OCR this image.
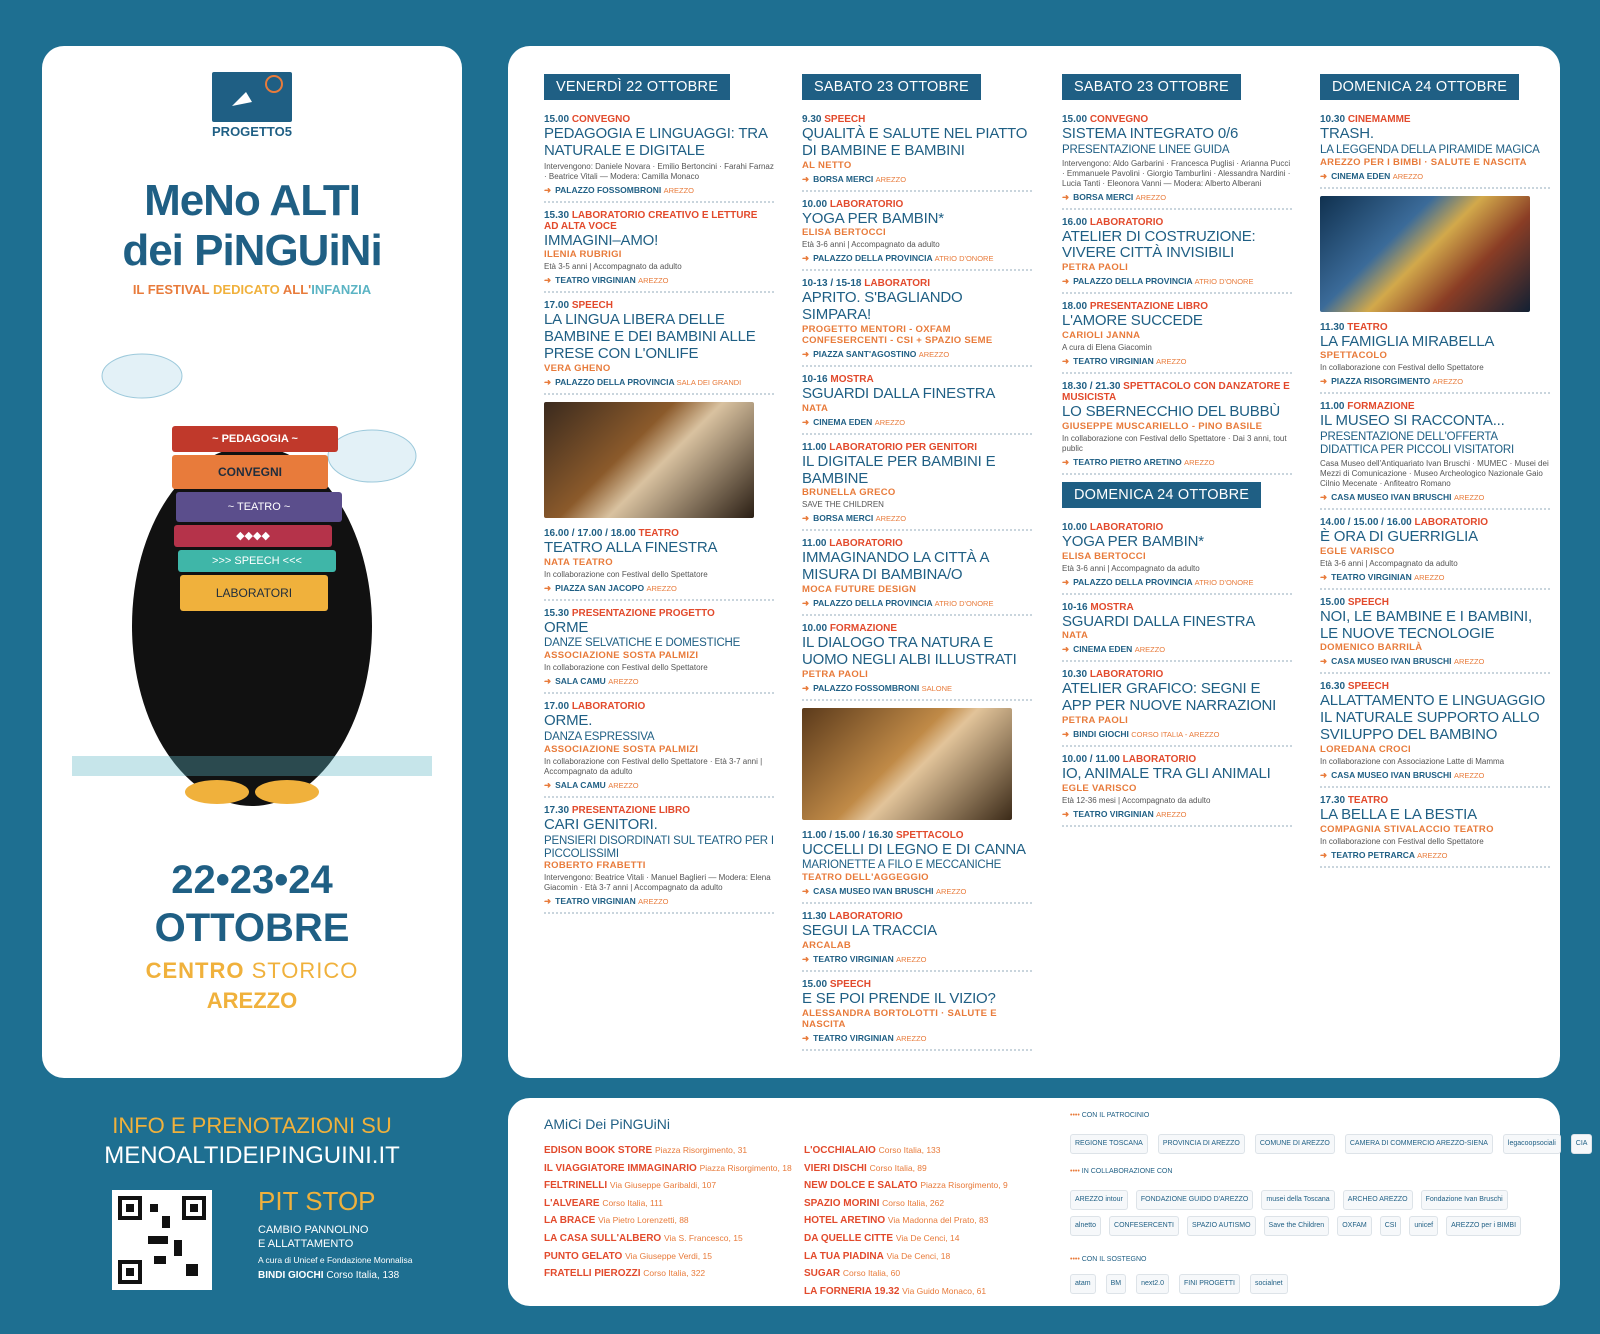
PROGETTO5
MeNo ALTI
dei PiNGUiNi
IL FESTIVAL DEDICATO ALL'INFANZIA
~ PEDAGOGIA ~
CONVEGNI
~ TEATRO ~
◆◆◆◆
>>> SPEECH <<<
LABORATORI
22•23•24
OTTOBRE
CENTRO STORICO
AREZZO
INFO E PRENOTAZIONI SU
MENOALTIDEIPINGUINI.IT
PIT STOP
CAMBIO PANNOLINO
E ALLATTAMENTO
A cura di Unicef e Fondazione Monnalisa
BINDI GIOCHI Corso Italia, 138
VENERDÌ 22 OTTOBRE
15.00 CONVEGNO
PEDAGOGIA E LINGUAGGI: TRA NATURALE E DIGITALE
Intervengono: Daniele Novara · Emilio Bertoncini · Farahi Farnaz · Beatrice Vitali — Modera: Camilla Monaco
➜ PALAZZO FOSSOMBRONI AREZZO
15.30 LABORATORIO CREATIVO E LETTURE AD ALTA VOCE
IMMAGINI–AMO!
ILENIA RUBRIGI
Età 3-5 anni | Accompagnato da adulto
➜ TEATRO VIRGINIAN AREZZO
17.00 SPEECH
LA LINGUA LIBERA DELLE BAMBINE E DEI BAMBINI ALLE PRESE CON L'ONLIFE
VERA GHENO
➜ PALAZZO DELLA PROVINCIA SALA DEI GRANDI
16.00 / 17.00 / 18.00 TEATRO
TEATRO ALLA FINESTRA
NATA TEATRO
In collaborazione con Festival dello Spettatore
➜ PIAZZA SAN JACOPO AREZZO
15.30 PRESENTAZIONE PROGETTO
ORME
DANZE SELVATICHE E DOMESTICHE
ASSOCIAZIONE SOSTA PALMIZI
In collaborazione con Festival dello Spettatore
➜ SALA CAMU AREZZO
17.00 LABORATORIO
ORME.
DANZA ESPRESSIVA
ASSOCIAZIONE SOSTA PALMIZI
In collaborazione con Festival dello Spettatore · Età 3-7 anni | Accompagnato da adulto
➜ SALA CAMU AREZZO
17.30 PRESENTAZIONE LIBRO
CARI GENITORI.
PENSIERI DISORDINATI SUL TEATRO PER I PICCOLISSIMI
ROBERTO FRABETTI
Intervengono: Beatrice Vitali · Manuel Baglieri — Modera: Elena Giacomin · Età 3-7 anni | Accompagnato da adulto
➜ TEATRO VIRGINIAN AREZZO
SABATO 23 OTTOBRE
9.30 SPEECH
QUALITÀ E SALUTE NEL PIATTO DI BAMBINE E BAMBINI
AL NETTO
➜ BORSA MERCI AREZZO
10.00 LABORATORIO
YOGA PER BAMBIN*
ELISA BERTOCCI
Età 3-6 anni | Accompagnato da adulto
➜ PALAZZO DELLA PROVINCIA ATRIO D'ONORE
10-13 / 15-18 LABORATORI
APRITO. S'BAGLIANDO SIMPARA!
PROGETTO MENTORI - OXFAM CONFESERCENTI - CSI + SPAZIO SEME
➜ PIAZZA SANT'AGOSTINO AREZZO
10-16 MOSTRA
SGUARDI DALLA FINESTRA
NATA
➜ CINEMA EDEN AREZZO
11.00 LABORATORIO PER GENITORI
IL DIGITALE PER BAMBINI E BAMBINE
BRUNELLA GRECO
SAVE THE CHILDREN
➜ BORSA MERCI AREZZO
11.00 LABORATORIO
IMMAGINANDO LA CITTÀ A MISURA DI BAMBINA/O
MOCA FUTURE DESIGN
➜ PALAZZO DELLA PROVINCIA ATRIO D'ONORE
10.00 FORMAZIONE
IL DIALOGO TRA NATURA E UOMO NEGLI ALBI ILLUSTRATI
PETRA PAOLI
➜ PALAZZO FOSSOMBRONI SALONE
11.00 / 15.00 / 16.30 SPETTACOLO
UCCELLI DI LEGNO E DI CANNA
MARIONETTE A FILO E MECCANICHE
TEATRO DELL'AGGEGGIO
➜ CASA MUSEO IVAN BRUSCHI AREZZO
11.30 LABORATORIO
SEGUI LA TRACCIA
ARCALAB
➜ TEATRO VIRGINIAN AREZZO
15.00 SPEECH
E SE POI PRENDE IL VIZIO?
ALESSANDRA BORTOLOTTI · SALUTE E NASCITA
➜ TEATRO VIRGINIAN AREZZO
SABATO 23 OTTOBRE
15.00 CONVEGNO
SISTEMA INTEGRATO 0/6
PRESENTAZIONE LINEE GUIDA
Intervengono: Aldo Garbarini · Francesca Puglisi · Arianna Pucci · Emmanuele Pavolini · Giorgio Tamburlini · Alessandra Nardini · Lucia Tanti · Eleonora Vanni — Modera: Alberto Alberani
➜ BORSA MERCI AREZZO
16.00 LABORATORIO
ATELIER DI COSTRUZIONE: VIVERE CITTÀ INVISIBILI
PETRA PAOLI
➜ PALAZZO DELLA PROVINCIA ATRIO D'ONORE
18.00 PRESENTAZIONE LIBRO
L'AMORE SUCCEDE
CARIOLI JANNA
A cura di Elena Giacomin
➜ TEATRO VIRGINIAN AREZZO
18.30 / 21.30 SPETTACOLO CON DANZATORE E MUSICISTA
LO SBERNECCHIO DEL BUBBÙ
GIUSEPPE MUSCARIELLO - PINO BASILE
In collaborazione con Festival dello Spettatore · Dai 3 anni, tout public
➜ TEATRO PIETRO ARETINO AREZZO
DOMENICA 24 OTTOBRE
10.00 LABORATORIO
YOGA PER BAMBIN*
ELISA BERTOCCI
Età 3-6 anni | Accompagnato da adulto
➜ PALAZZO DELLA PROVINCIA ATRIO D'ONORE
10-16 MOSTRA
SGUARDI DALLA FINESTRA
NATA
➜ CINEMA EDEN AREZZO
10.30 LABORATORIO
ATELIER GRAFICO: SEGNI E APP PER NUOVE NARRAZIONI
PETRA PAOLI
➜ BINDI GIOCHI CORSO ITALIA - AREZZO
10.00 / 11.00 LABORATORIO
IO, ANIMALE TRA GLI ANIMALI
EGLE VARISCO
Età 12-36 mesi | Accompagnato da adulto
➜ TEATRO VIRGINIAN AREZZO
DOMENICA 24 OTTOBRE
10.30 CINEMAMME
TRASH.
LA LEGGENDA DELLA PIRAMIDE MAGICA
AREZZO PER I BIMBI · SALUTE E NASCITA
➜ CINEMA EDEN AREZZO
11.30 TEATRO
LA FAMIGLIA MIRABELLA
SPETTACOLO
In collaborazione con Festival dello Spettatore
➜ PIAZZA RISORGIMENTO AREZZO
11.00 FORMAZIONE
IL MUSEO SI RACCONTA...
PRESENTAZIONE DELL'OFFERTA DIDATTICA PER PICCOLI VISITATORI
Casa Museo dell'Antiquariato Ivan Bruschi · MUMEC · Musei dei Mezzi di Comunicazione · Museo Archeologico Nazionale Gaio Cilnio Mecenate · Anfiteatro Romano
➜ CASA MUSEO IVAN BRUSCHI AREZZO
14.00 / 15.00 / 16.00 LABORATORIO
È ORA DI GUERRIGLIA
EGLE VARISCO
Età 3-6 anni | Accompagnato da adulto
➜ TEATRO VIRGINIAN AREZZO
15.00 SPEECH
NOI, LE BAMBINE E I BAMBINI, LE NUOVE TECNOLOGIE
DOMENICO BARRILÀ
➜ CASA MUSEO IVAN BRUSCHI AREZZO
16.30 SPEECH
ALLATTAMENTO E LINGUAGGIO IL NATURALE SUPPORTO ALLO SVILUPPO DEL BAMBINO
LOREDANA CROCI
In collaborazione con Associazione Latte di Mamma
➜ CASA MUSEO IVAN BRUSCHI AREZZO
17.30 TEATRO
LA BELLA E LA BESTIA
COMPAGNIA STIVALACCIO TEATRO
In collaborazione con Festival dello Spettatore
➜ TEATRO PETRARCA AREZZO
AMiCi Dei PiNGUiNi
EDISON BOOK STORE Piazza Risorgimento, 31
IL VIAGGIATORE IMMAGINARIO Piazza Risorgimento, 18
FELTRINELLI Via Giuseppe Garibaldi, 107
L'ALVEARE Corso Italia, 111
LA BRACE Via Pietro Lorenzetti, 88
LA CASA SULL'ALBERO Via S. Francesco, 15
PUNTO GELATO Via Giuseppe Verdi, 15
FRATELLI PIEROZZI Corso Italia, 322
L'OCCHIALAIO Corso Italia, 133
VIERI DISCHI Corso Italia, 89
NEW DOLCE E SALATO Piazza Risorgimento, 9
SPAZIO MORINI Corso Italia, 262
HOTEL ARETINO Via Madonna del Prato, 83
DA QUELLE CITTE Via De Cenci, 14
LA TUA PIADINA Via De Cenci, 18
SUGAR Corso Italia, 60
LA FORNERIA 19.32 Via Guido Monaco, 61
•••• CON IL PATROCINIO
REGIONE TOSCANA	PROVINCIA DI AREZZO	COMUNE DI AREZZO	CAMERA DI COMMERCIO AREZZO-SIENA	legacoopsociali	CIA
•••• IN COLLABORAZIONE CON
AREZZO intour	FONDAZIONE GUIDO D'AREZZO	musei della Toscana	ARCHEO AREZZO	Fondazione Ivan Bruschi
alnetto	CONFESERCENTI	SPAZIO AUTISMO	Save the Children	OXFAM	CSI	unicef	AREZZO per i BIMBI
•••• CON IL SOSTEGNO
atam	BM	next2.0	FINI PROGETTI	socialnet
